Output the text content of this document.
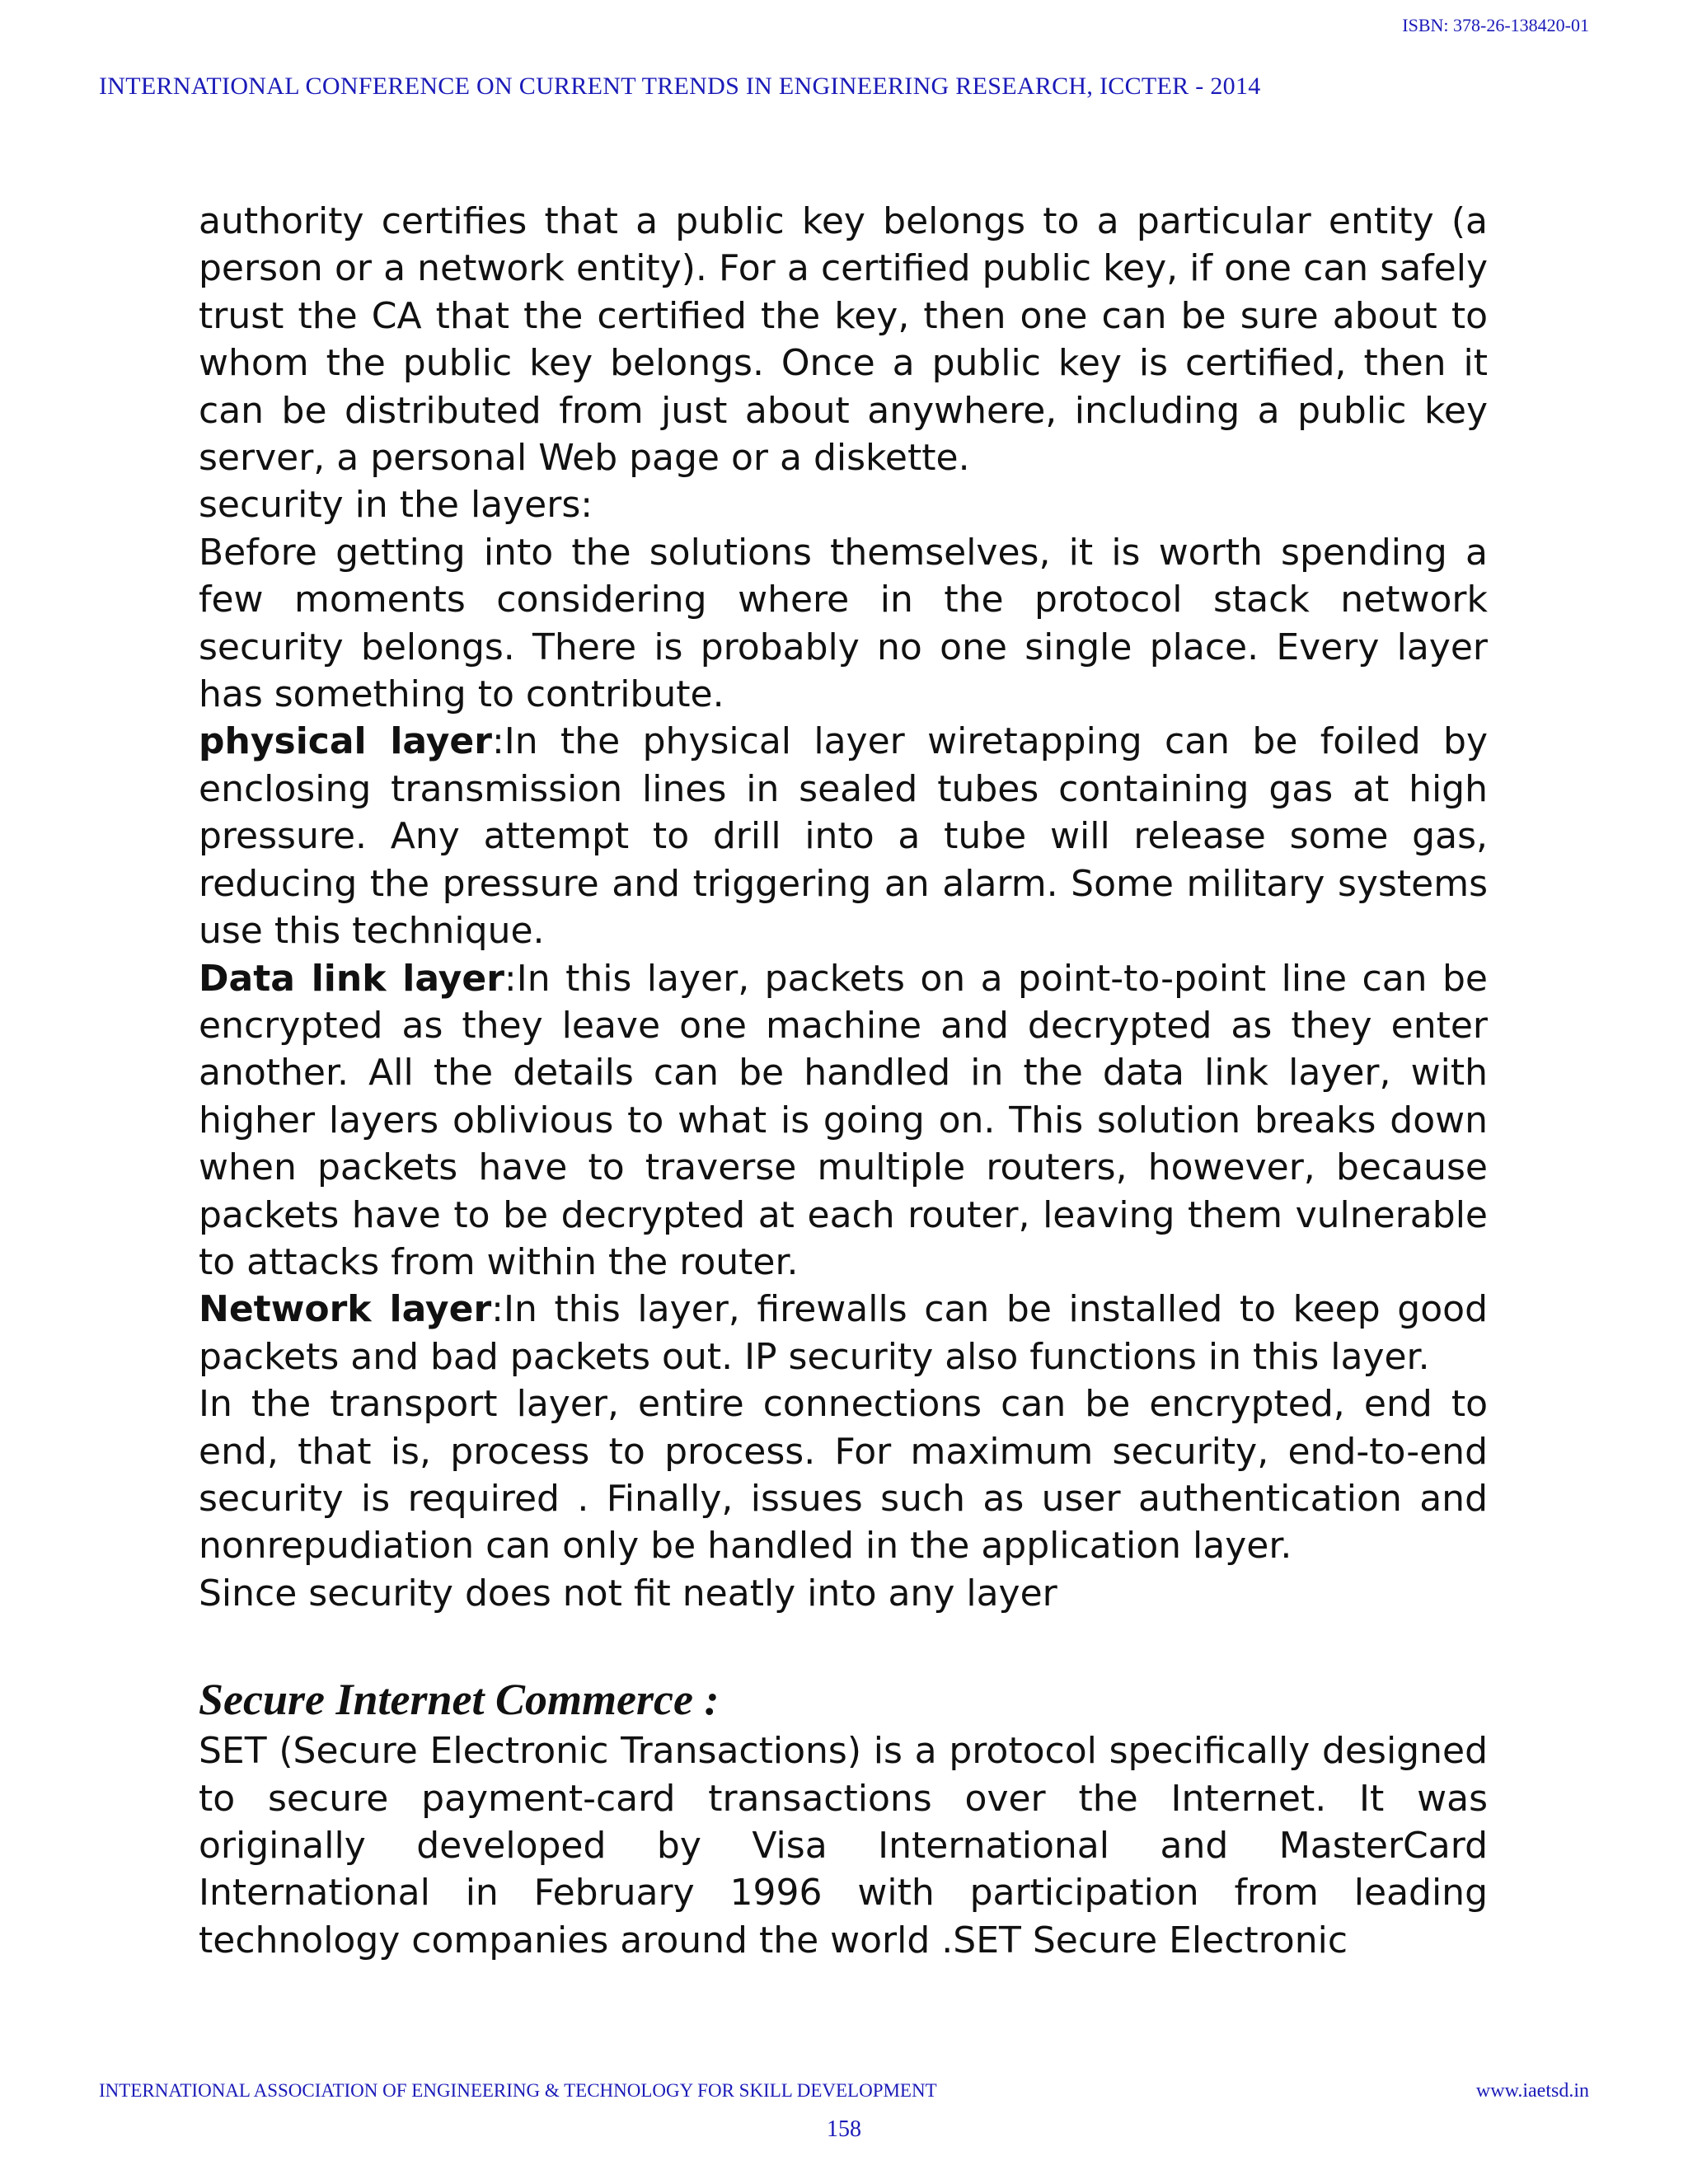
ISBN: 378-26-138420-01
INTERNATIONAL CONFERENCE ON CURRENT TRENDS IN ENGINEERING RESEARCH, ICCTER - 2014

authority certifies that a public key belongs to a particular entity (a person or a network entity). For a certified public key, if one can safely trust the CA that the certified the key, then one can be sure about to whom the public key belongs. Once a public key is certified, then it can be distributed from just about anywhere, including a public key server, a personal Web page or a diskette.

security in the layers:

Before getting into the solutions themselves, it is worth spending a few moments considering where in the protocol stack network security belongs. There is probably no one single place. Every layer has something to contribute.

physical layer:In the physical layer wiretapping can be foiled by enclosing transmission lines in sealed tubes containing gas at high pressure. Any attempt to drill into a tube will release some gas, reducing the pressure and triggering an alarm. Some military systems use this technique.

Data link layer:In this layer, packets on a point-to-point line can be encrypted as they leave one machine and decrypted as they enter another. All the details can be handled in the data link layer, with higher layers oblivious to what is going on. This solution breaks down when packets have to traverse multiple routers, however, because packets have to be decrypted at each router, leaving them vulnerable to attacks from within the router.

Network layer:In this layer, firewalls can be installed to keep good packets and bad packets out. IP security also functions in this layer.

In the transport layer, entire connections can be encrypted, end to end, that is, process to process. For maximum security, end-to-end security is required . Finally, issues such as user authentication and nonrepudiation can only be handled in the application layer.

Since security does not fit neatly into any layer

Secure Internet Commerce :

SET (Secure Electronic Transactions) is a protocol specifically designed to secure payment-card transactions over the Internet. It was originally developed by Visa International and MasterCard International in February 1996 with participation from leading technology companies around the world .SET Secure Electronic

INTERNATIONAL ASSOCIATION OF ENGINEERING & TECHNOLOGY FOR SKILL DEVELOPMENT	www.iaetsd.in
158
